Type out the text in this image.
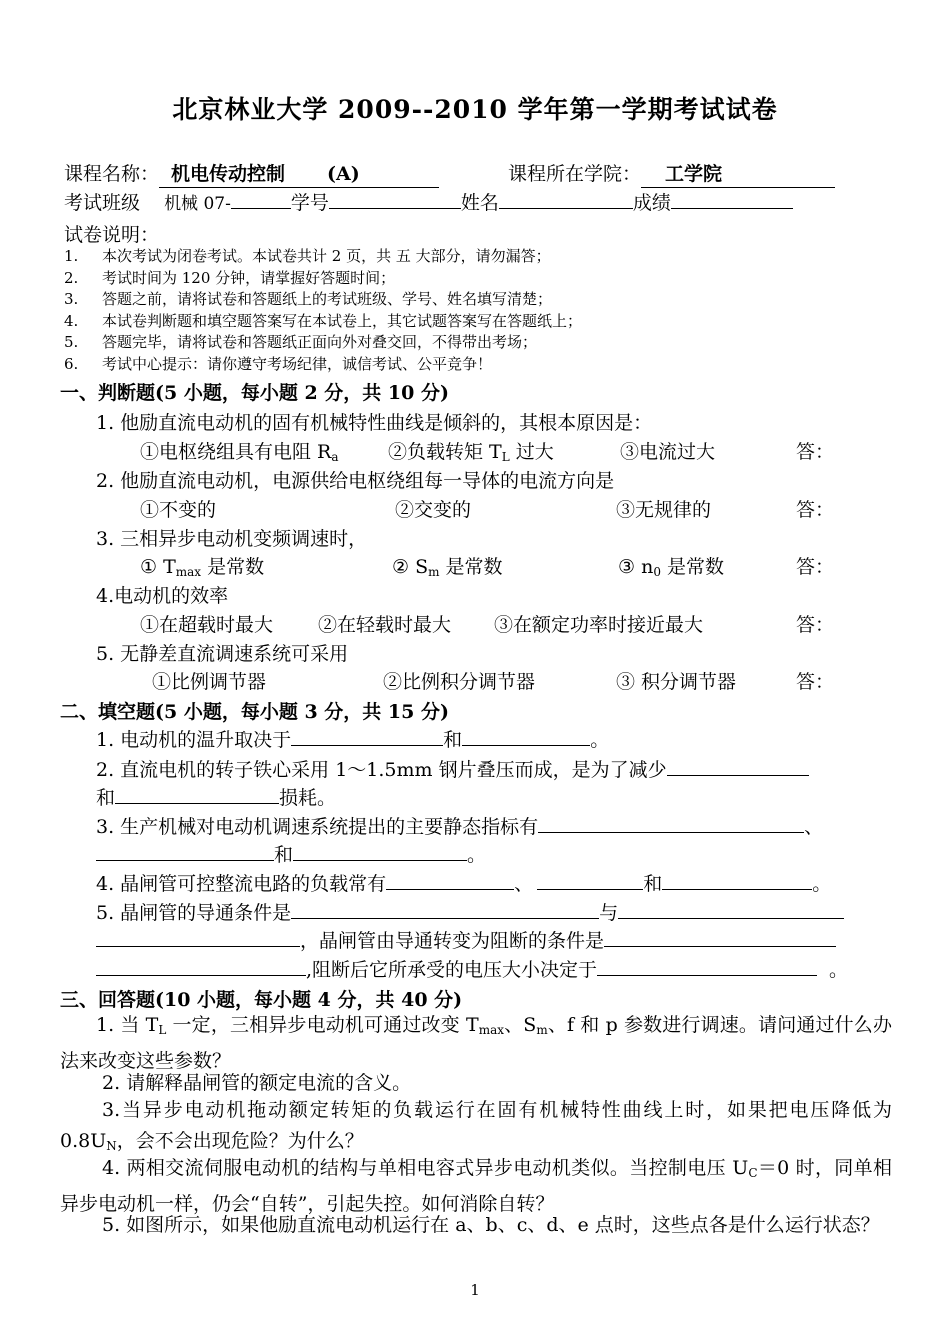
北京林业大学 2009--2010 学年第一学期考试试卷
课程名称： 机电传动控制 (A)	课程所在学院： 工学院
考试班级 机械 07-	学号	姓名	成绩
试卷说明：
1. 本次考试为闭卷考试。本试卷共计 2 页，共 五 大部分，请勿漏答；
2. 考试时间为 120 分钟，请掌握好答题时间；
3. 答题之前，请将试卷和答题纸上的考试班级、学号、姓名填写清楚；
4. 本试卷判断题和填空题答案写在本试卷上，其它试题答案写在答题纸上；
5. 答题完毕，请将试卷和答题纸正面向外对叠交回，不得带出考场；
6. 考试中心提示：请你遵守考场纪律，诚信考试、公平竞争！
一、判断题(5 小题，每小题 2 分，共 10 分)
1. 他励直流电动机的固有机械特性曲线是倾斜的，其根本原因是：
①电枢绕组具有电阻 $R_a$	②负载转矩 $T_L$ 过大	③电流过大	答：
2. 他励直流电动机，电源供给电枢绕组每一导体的电流方向是
①不变的	②交变的	③无规律的	答：
3. 三相异步电动机变频调速时，
① $T_{max}$ 是常数	② $S_m$ 是常数	③ $n_0$ 是常数	答：
4.电动机的效率
①在超载时最大 ②在轻载时最大 ③在额定功率时接近最大	答：
5. 无静差直流调速系统可采用
①比例调节器	②比例积分调节器	③ 积分调节器	答：
二、填空题(5 小题，每小题 3 分，共 15 分)
1. 电动机的温升取决于	和	。
2. 直流电机的转子铁心采用 1～1.5mm 钢片叠压而成，是为了减少
和	损耗。
3. 生产机械对电动机调速系统提出的主要静态指标有	、
和	。
4. 晶闸管可控整流电路的负载常有	、	和	。
5. 晶闸管的导通条件是	与
，晶闸管由导通转变为阻断的条件是
,阻断后它所承受的电压大小决定于	。
三、回答题(10 小题，每小题 4 分，共 40 分)
1. 当 $T_L$ 一定，三相异步电动机可通过改变 $T_{max}$、$S_m$、f 和 p 参数进行调速。请问通过什么办法来改变这些参数？
2. 请解释晶闸管的额定电流的含义。
3.当异步电动机拖动额定转矩的负载运行在固有机械特性曲线上时，如果把电压降低为 $0.8U_N$，会不会出现危险？为什么？
4. 两相交流伺服电动机的结构与单相电容式异步电动机类似。当控制电压 $U_C=0$ 时，同单相异步电动机一样，仍会“自转”，引起失控。如何消除自转？
5. 如图所示，如果他励直流电动机运行在 a、b、c、d、e 点时，这些点各是什么运行状态？
1
